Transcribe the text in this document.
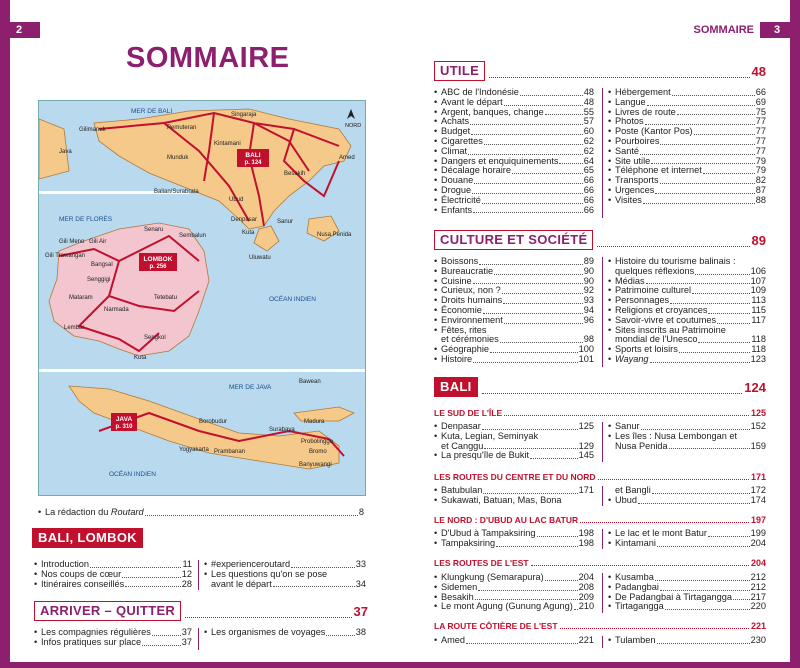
2	SOMMAIRE	3
SOMMAIRE
MER DE BALI
MER DE FLORÈS
OCÉAN INDIEN
MER DE JAVA
OCÉAN INDIEN
Gilimanuk	Pemuteran
Singaraja
Kintamani
Munduk	Amed
Besakih
Ubud
Balian/Surabrata
Denpasar	Sanur
Kuta
Uluwatu
Nusa Penida
Java
Senaru
Sembalun
Gili Meno Gili Air
Gili Trawangan
Bangsal
Senggigi
Mataram
Narmada
Tetebatu
Lembar
Sengkol
Kuta
Bawean
Madura
Surabaya
Probolinggo
Bromo
Banyuwangi
Borobudur
Yogyakarta Prambanan
BALI
p. 124
LOMBOK
p. 256
JAVA
p. 310
NORD
• La rédaction du Routard	8
BALI, LOMBOK
• Introduction	11
• Nos coups de cœur	12
• Itinéraires conseillés	28
• #experienceroutard	33
• Les questions qu'on se pose
avant le départ	34
ARRIVER – QUITTER	37
• Les compagnies régulières	37
• Infos pratiques sur place	37
• Les organismes de voyages	38
UTILE	48
• ABC de l'Indonésie	48
• Avant le départ	48
• Argent, banques, change	55
• Achats	57
• Budget	60
• Cigarettes	62
• Climat	62
• Dangers et enquiquinements	64
• Décalage horaire	65
• Douane	66
• Drogue	66
• Électricité	66
• Enfants	66
• Hébergement	66
• Langue	69
• Livres de route	75
• Photos	77
• Poste (Kantor Pos)	77
• Pourboires	77
• Santé	77
• Site utile	79
• Téléphone et internet	79
• Transports	82
• Urgences	87
• Visites	88
CULTURE ET SOCIÉTÉ	89
• Boissons	89
• Bureaucratie	90
• Cuisine	90
• Curieux, non ?	92
• Droits humains	93
• Économie	94
• Environnement	96
• Fêtes, rites
et cérémonies	98
• Géographie	100
• Histoire	101
• Histoire du tourisme balinais :
quelques réflexions	106
• Médias	107
• Patrimoine culturel	109
• Personnages	113
• Religions et croyances	115
• Savoir-vivre et coutumes	117
• Sites inscrits au Patrimoine
mondial de l'Unesco	118
• Sports et loisirs	118
• Wayang	123
BALI	124
LE SUD DE L'ÎLE	125
• Denpasar	125
• Kuta, Legian, Seminyak
et Canggu	129
• La presqu'île de Bukit	145
• Sanur	152
• Les îles : Nusa Lembongan et
Nusa Penida	159
LES ROUTES DU CENTRE ET DU NORD	171
• Batubulan	171
• Sukawati, Batuan, Mas, Bona
et Bangli	172
• Ubud	174
LE NORD : D'UBUD AU LAC BATUR	197
• D'Ubud à Tampaksiring	198
• Tampaksiring	198
• Le lac et le mont Batur	199
• Kintamani	204
LES ROUTES DE L'EST	204
• Klungkung (Semarapura)	204
• Sidemen	208
• Besakih	209
• Le mont Agung (Gunung Agung) 210
• Kusamba	212
• Padangbai	212
• De Padangbai à Tirtagangga 217
• Tirtagangga	220
LA ROUTE CÔTIÈRE DE L'EST	221
• Amed	221 • Tulamben	230
